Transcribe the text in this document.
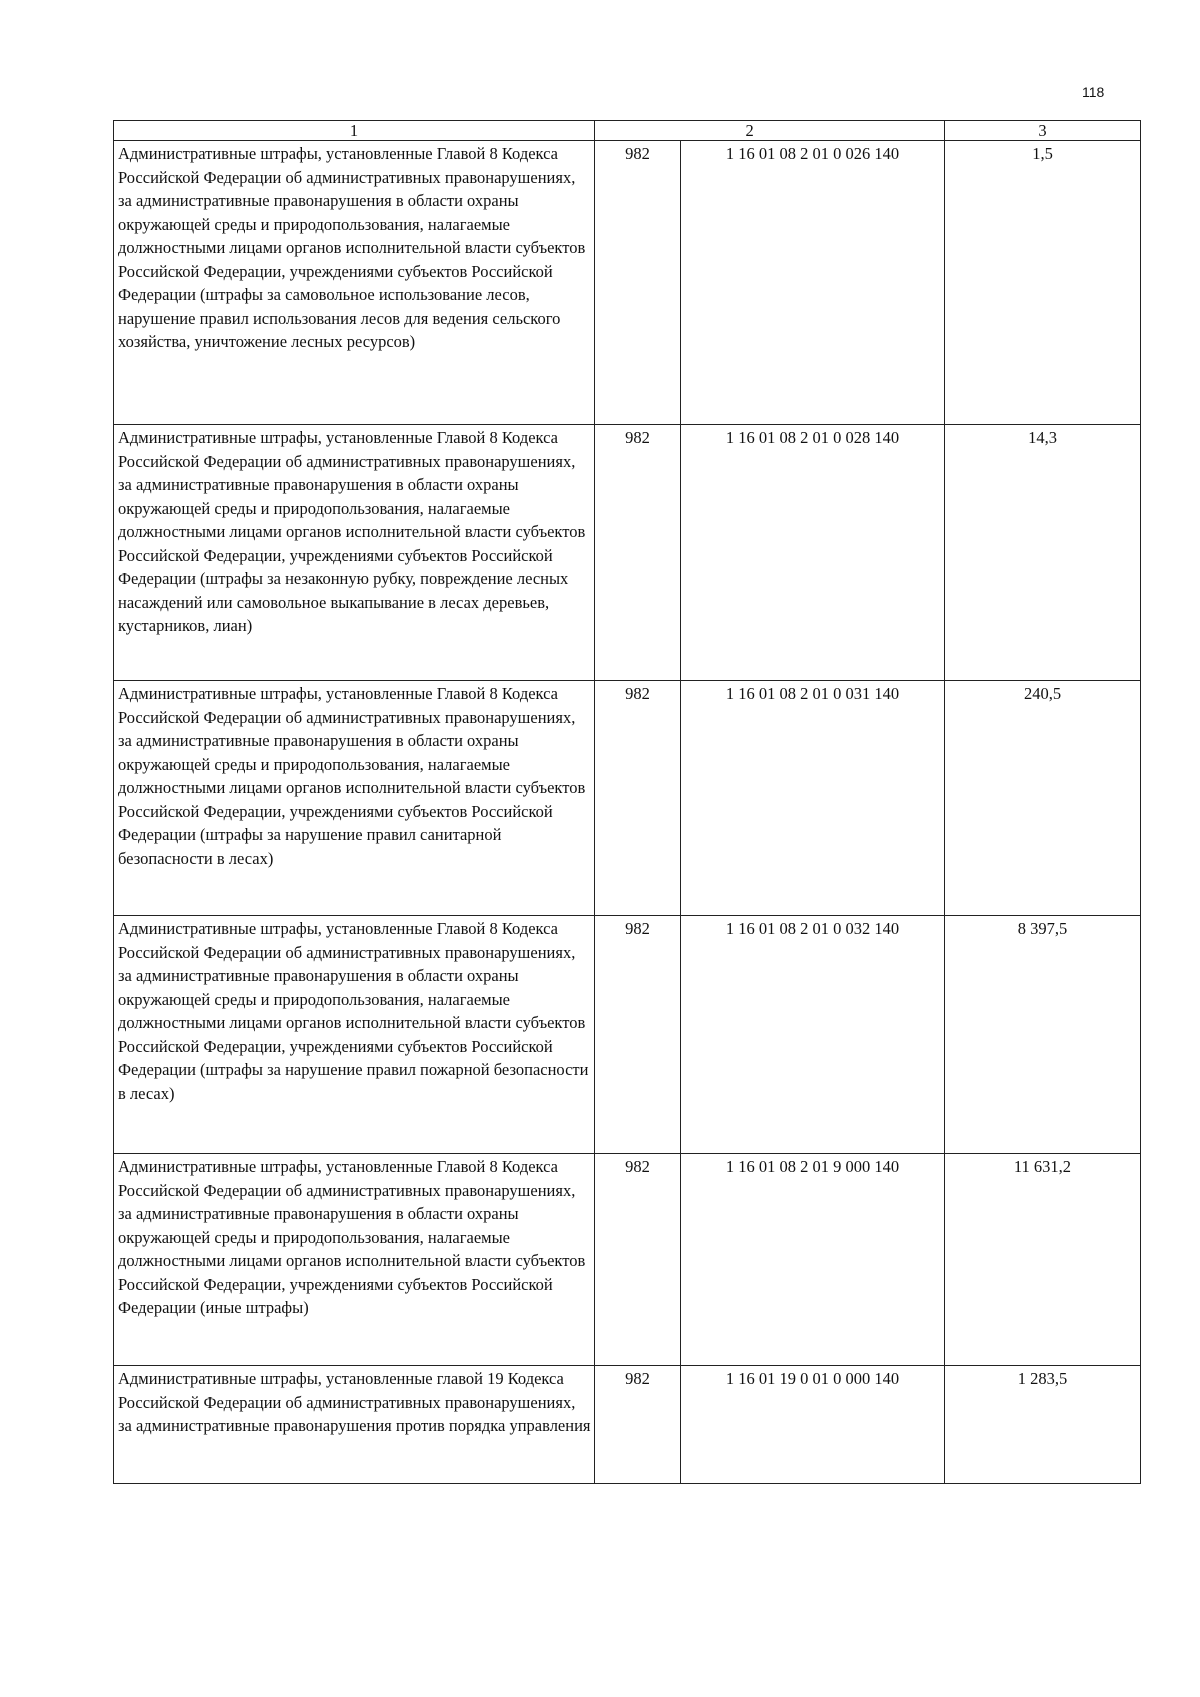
118
1		2	3
Административные штрафы, установленные Главой 8 Кодекса Российской Федерации об административных правонарушениях, за административные правонарушения в области охраны окружающей среды и природопользования, налагаемые должностными лицами органов исполнительной власти субъектов Российской Федерации, учреждениями субъектов Российской Федерации (штрафы за самовольное использование лесов, нарушение правил использования лесов для ведения сельского хозяйства, уничтожение лесных ресурсов)	982	1 16 01 08 2 01 0 026 140	1,5
Административные штрафы, установленные Главой 8 Кодекса Российской Федерации об административных правонарушениях, за административные правонарушения в области охраны окружающей среды и природопользования, налагаемые должностными лицами органов исполнительной власти субъектов Российской Федерации, учреждениями субъектов Российской Федерации (штрафы за незаконную рубку, повреждение лесных насаждений или самовольное выкапывание в лесах деревьев, кустарников, лиан)	982	1 16 01 08 2 01 0 028 140	14,3
Административные штрафы, установленные Главой 8 Кодекса Российской Федерации об административных правонарушениях, за административные правонарушения в области охраны окружающей среды и природопользования, налагаемые должностными лицами органов исполнительной власти субъектов Российской Федерации, учреждениями субъектов Российской Федерации (штрафы за нарушение правил санитарной безопасности в лесах)	982	1 16 01 08 2 01 0 031 140	240,5
Административные штрафы, установленные Главой 8 Кодекса Российской Федерации об административных правонарушениях, за административные правонарушения в области охраны окружающей среды и природопользования, налагаемые должностными лицами органов исполнительной власти субъектов Российской Федерации, учреждениями субъектов Российской Федерации (штрафы за нарушение правил пожарной безопасности в лесах)	982	1 16 01 08 2 01 0 032 140	8 397,5
Административные штрафы, установленные Главой 8 Кодекса Российской Федерации об административных правонарушениях, за административные правонарушения в области охраны окружающей среды и природопользования, налагаемые должностными лицами органов исполнительной власти субъектов Российской Федерации, учреждениями субъектов Российской Федерации (иные штрафы)	982	1 16 01 08 2 01 9 000 140	11 631,2
Административные штрафы, установленные главой 19 Кодекса Российской Федерации об административных правонарушениях, за административные правонарушения против порядка управления	982	1 16 01 19 0 01 0 000 140	1 283,5
